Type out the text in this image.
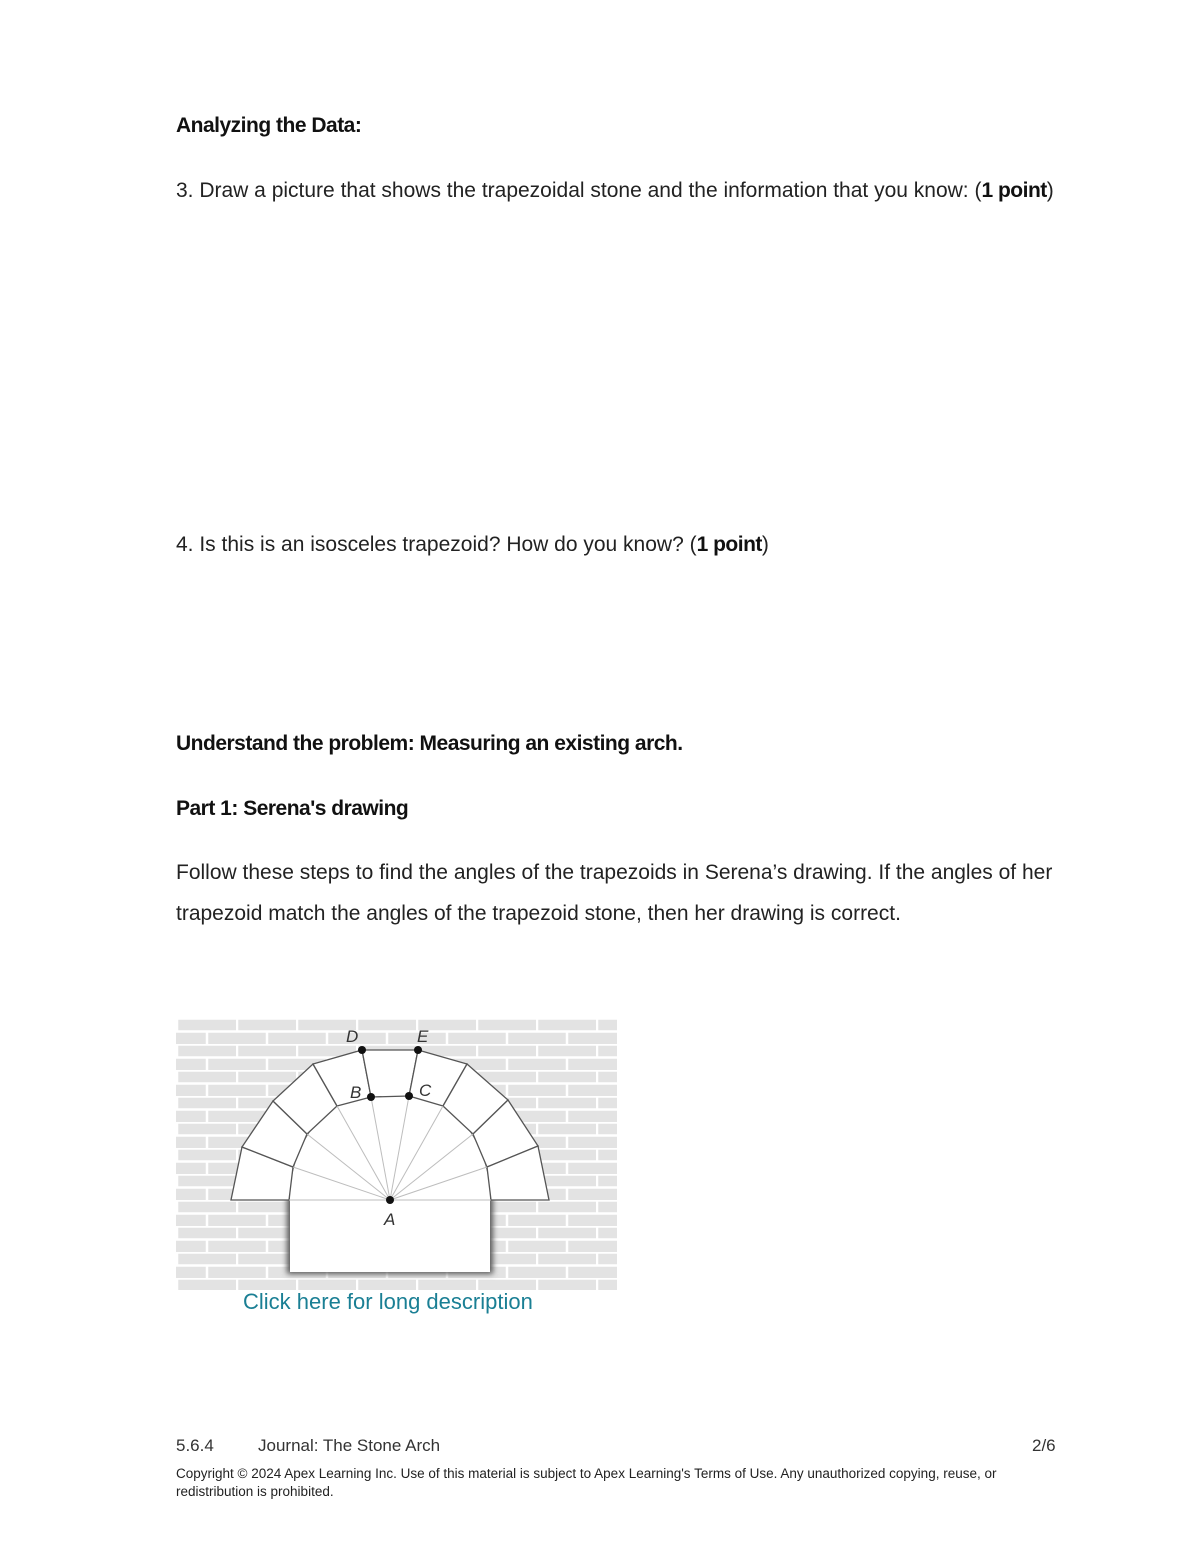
Analyzing the Data:
3. Draw a picture that shows the trapezoidal stone and the information that you know: (1 point)
4. Is this is an isosceles trapezoid? How do you know? (1 point)
Understand the problem: Measuring an existing arch.
Part 1: Serena's drawing
Follow these steps to find the angles of the trapezoids in Serena’s drawing. If the angles of her trapezoid match the angles of the trapezoid stone, then her drawing is correct.
A
B	C
D	E
Click here for long description
5.6.4	Journal: The Stone Arch	2/6
Copyright © 2024 Apex Learning Inc. Use of this material is subject to Apex Learning's Terms of Use. Any unauthorized copying, reuse, or redistribution is prohibited.
